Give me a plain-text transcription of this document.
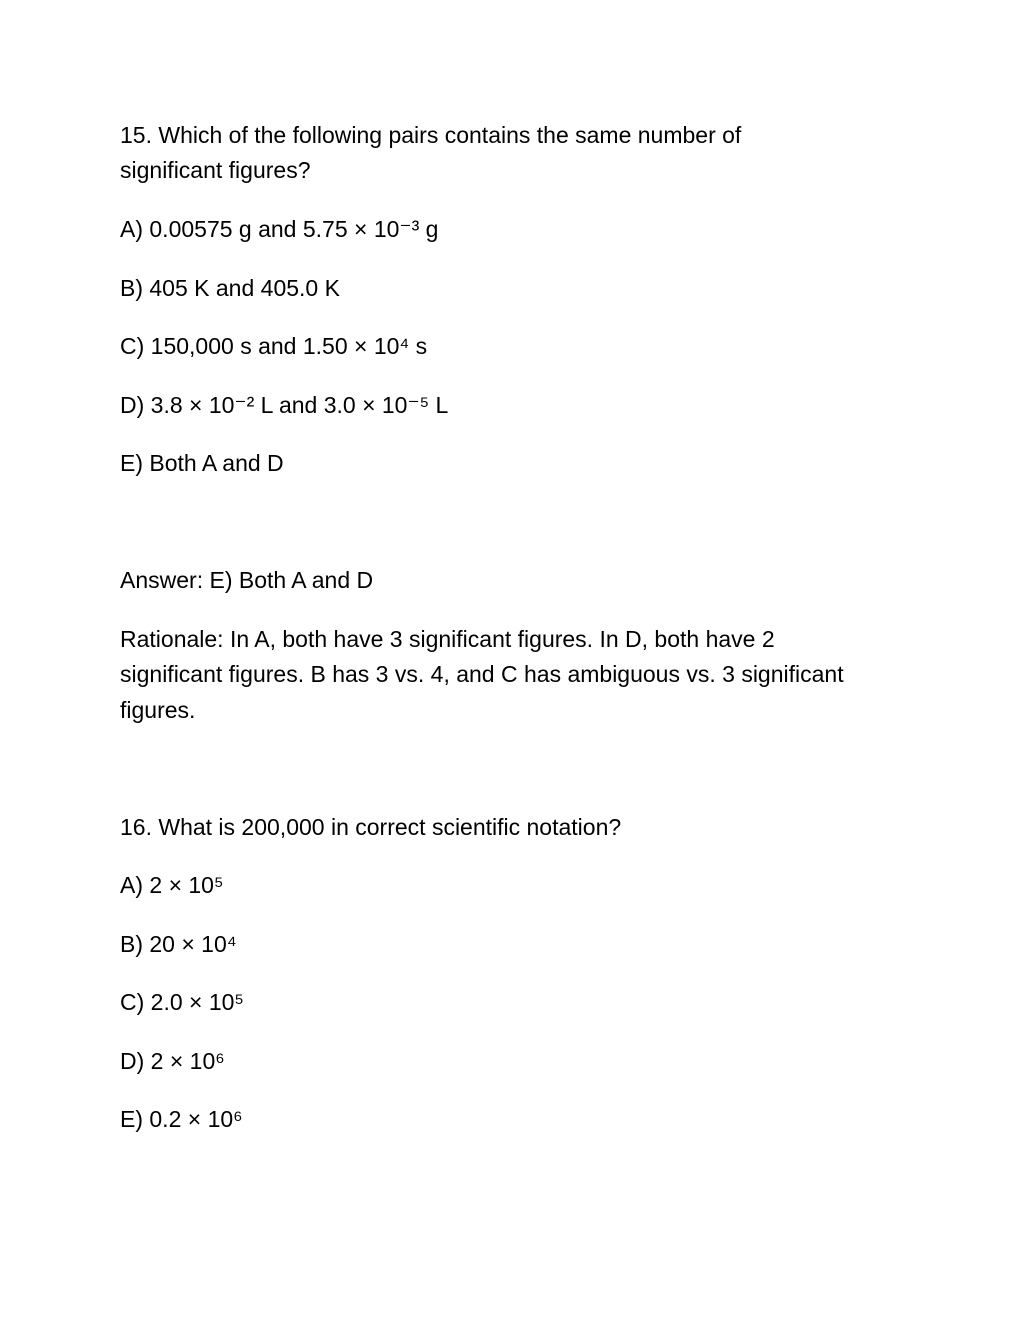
15. Which of the following pairs contains the same number of
significant figures?
A) 0.00575 g and 5.75 × 10⁻³ g
B) 405 K and 405.0 K
C) 150,000 s and 1.50 × 10⁴ s
D) 3.8 × 10⁻² L and 3.0 × 10⁻⁵ L
E) Both A and D
Answer: E) Both A and D
Rationale: In A, both have 3 significant figures. In D, both have 2
significant figures. B has 3 vs. 4, and C has ambiguous vs. 3 significant
figures.
16. What is 200,000 in correct scientific notation?
A) 2 × 10⁵
B) 20 × 10⁴
C) 2.0 × 10⁵
D) 2 × 10⁶
E) 0.2 × 10⁶
